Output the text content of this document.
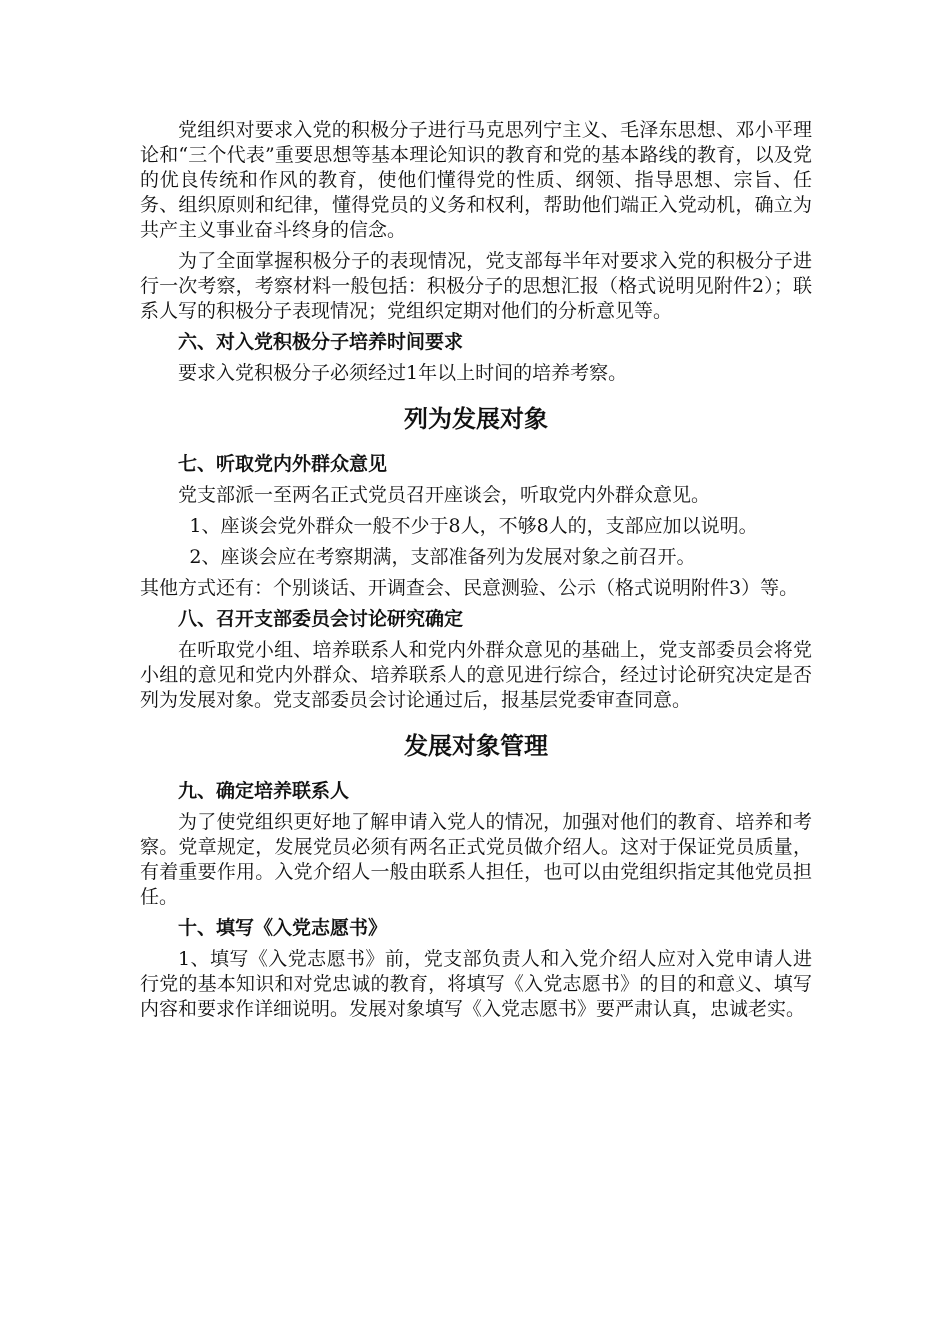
党组织对要求入党的积极分子进行马克思列宁主义、毛泽东思想、邓小平理论和“三个代表”重要思想等基本理论知识的教育和党的基本路线的教育，以及党的优良传统和作风的教育，使他们懂得党的性质、纲领、指导思想、宗旨、任务、组织原则和纪律，懂得党员的义务和权利，帮助他们端正入党动机，确立为共产主义事业奋斗终身的信念。

为了全面掌握积极分子的表现情况，党支部每半年对要求入党的积极分子进行一次考察，考察材料一般包括：积极分子的思想汇报（格式说明见附件2）；联系人写的积极分子表现情况；党组织定期对他们的分析意见等。

六、对入党积极分子培养时间要求

要求入党积极分子必须经过1年以上时间的培养考察。

列为发展对象
七、听取党内外群众意见

党支部派一至两名正式党员召开座谈会，听取党内外群众意见。

1、座谈会党外群众一般不少于8人，不够8人的，支部应加以说明。

2、座谈会应在考察期满，支部准备列为发展对象之前召开。

其他方式还有：个别谈话、开调查会、民意测验、公示（格式说明附件3）等。

八、召开支部委员会讨论研究确定

在听取党小组、培养联系人和党内外群众意见的基础上，党支部委员会将党小组的意见和党内外群众、培养联系人的意见进行综合，经过讨论研究决定是否列为发展对象。党支部委员会讨论通过后，报基层党委审查同意。

发展对象管理
九、确定培养联系人

为了使党组织更好地了解申请入党人的情况，加强对他们的教育、培养和考察。党章规定，发展党员必须有两名正式党员做介绍人。这对于保证党员质量，有着重要作用。入党介绍人一般由联系人担任，也可以由党组织指定其他党员担任。

十、填写《入党志愿书》

1、填写《入党志愿书》前，党支部负责人和入党介绍人应对入党申请人进行党的基本知识和对党忠诚的教育，将填写《入党志愿书》的目的和意义、填写内容和要求作详细说明。发展对象填写《入党志愿书》要严肃认真，忠诚老实。
